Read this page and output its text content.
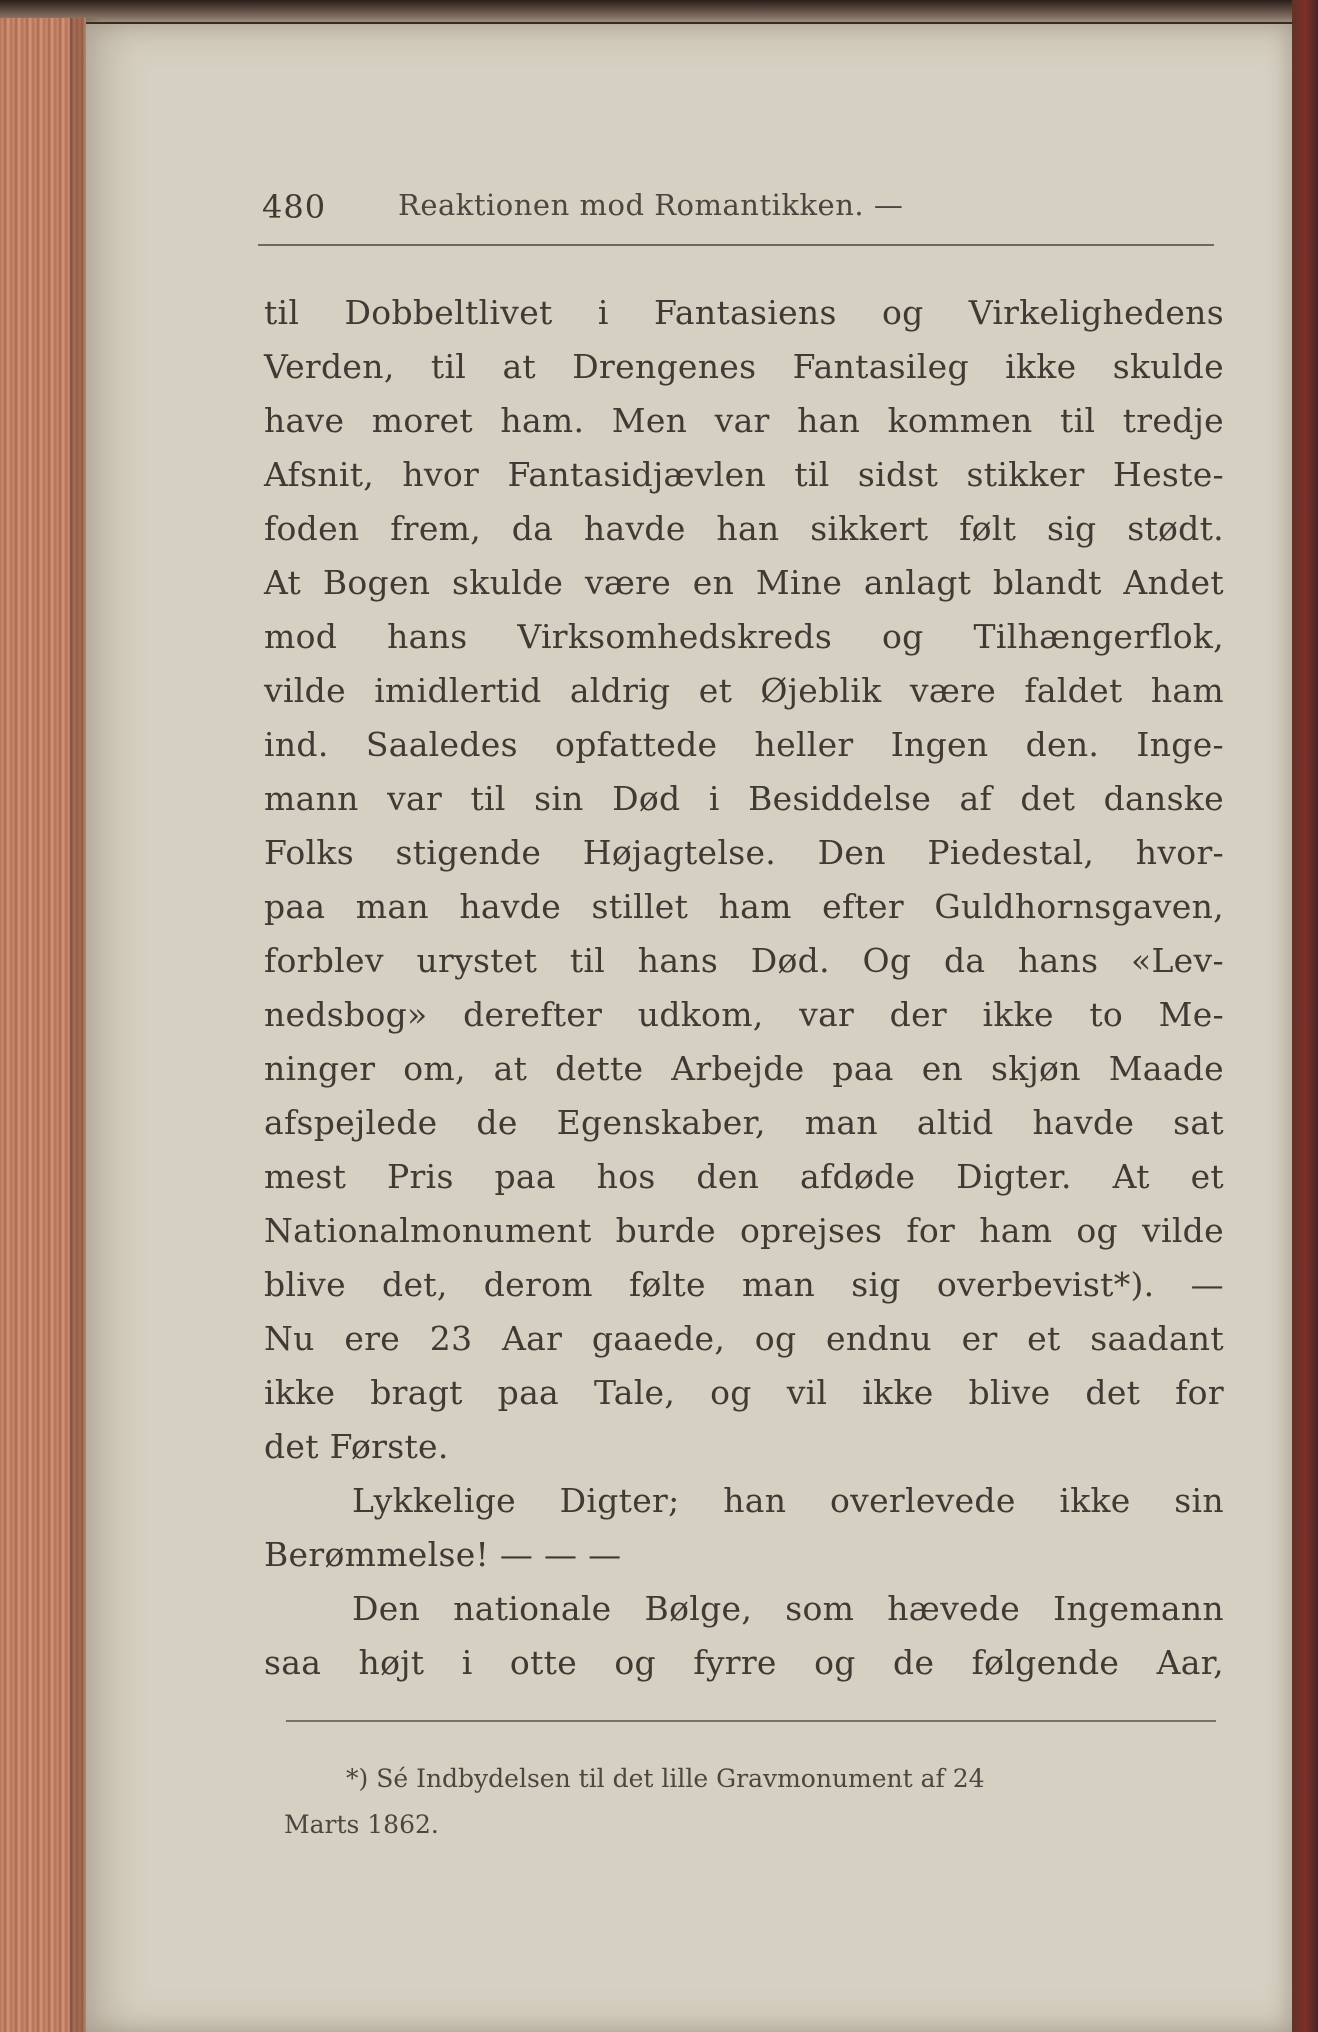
480 Reaktionen mod Romantikken. —
til Dobbeltlivet i Fantasiens og Virkelighedens
Verden, til at Drengenes Fantasileg ikke skulde
have moret ham. Men var han kommen til tredje
Afsnit, hvor Fantasidjævlen til sidst stikker Heste-
foden frem, da havde han sikkert følt sig stødt.
At Bogen skulde være en Mine anlagt blandt Andet
mod hans Virksomhedskreds og Tilhængerflok,
vilde imidlertid aldrig et Øjeblik være faldet ham
ind. Saaledes opfattede heller Ingen den. Inge-
mann var til sin Død i Besiddelse af det danske
Folks stigende Højagtelse. Den Piedestal, hvor-
paa man havde stillet ham efter Guldhornsgaven,
forblev urystet til hans Død. Og da hans «Lev-
nedsbog» derefter udkom, var der ikke to Me-
ninger om, at dette Arbejde paa en skjøn Maade
afspejlede de Egenskaber, man altid havde sat
mest Pris paa hos den afdøde Digter. At et
Nationalmonument burde oprejses for ham og vilde
blive det, derom følte man sig overbevist*). —
Nu ere 23 Aar gaaede, og endnu er et saadant
ikke bragt paa Tale, og vil ikke blive det for
det Første.
Lykkelige Digter; han overlevede ikke sin
Berømmelse! — — —
Den nationale Bølge, som hævede Ingemann
saa højt i otte og fyrre og de følgende Aar,
*) Sé Indbydelsen til det lille Gravmonument af 24
Marts 1862.
